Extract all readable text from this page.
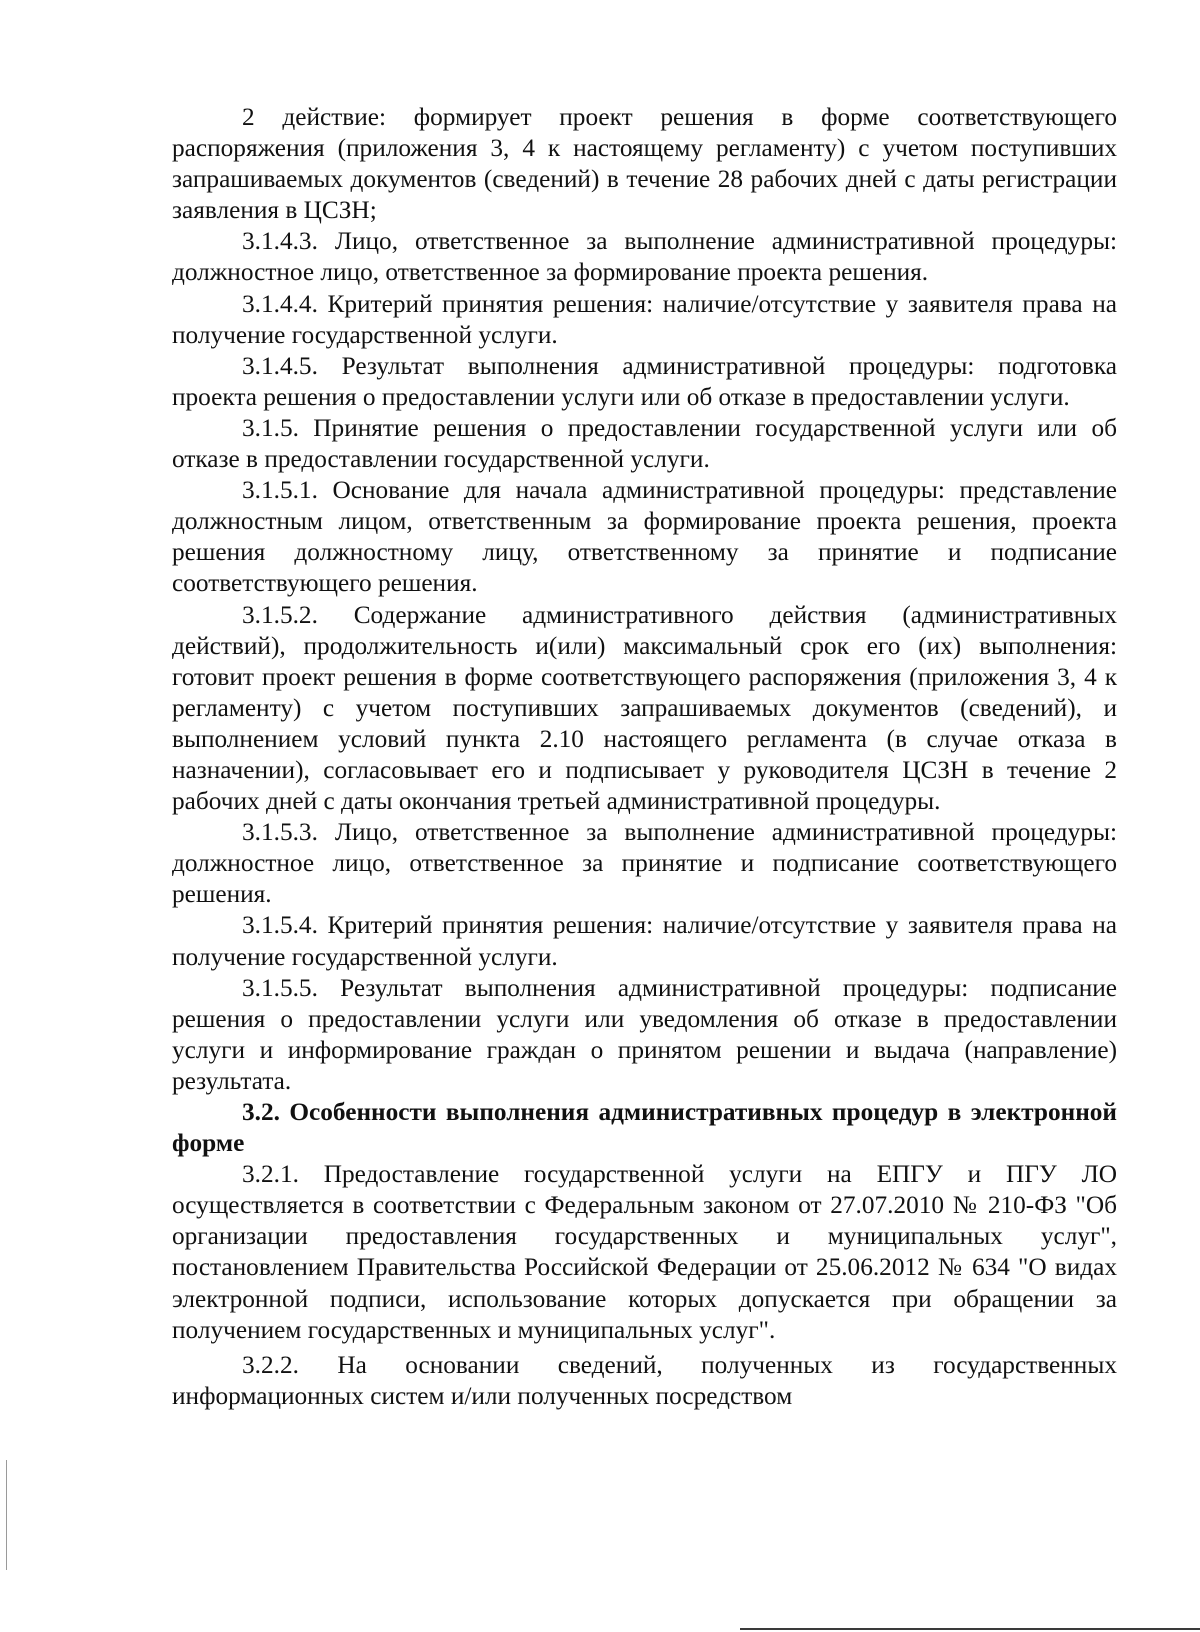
2 действие: формирует проект решения в форме соответствующего распоряжения (приложения 3, 4 к настоящему регламенту) с учетом поступивших запрашиваемых документов (сведений) в течение 28 рабочих дней с даты регистрации заявления в ЦСЗН;

3.1.4.3. Лицо, ответственное за выполнение административной процедуры: должностное лицо, ответственное за формирование проекта решения.

3.1.4.4. Критерий принятия решения: наличие/отсутствие у заявителя права на получение государственной услуги.

3.1.4.5. Результат выполнения административной процедуры: подготовка проекта решения о предоставлении услуги или об отказе в предоставлении услуги.

3.1.5. Принятие решения о предоставлении государственной услуги или об отказе в предоставлении государственной услуги.

3.1.5.1. Основание для начала административной процедуры: представление должностным лицом, ответственным за формирование проекта решения, проекта решения должностному лицу, ответственному за принятие и подписание соответствующего решения.

3.1.5.2. Содержание административного действия (административных действий), продолжительность и(или) максимальный срок его (их) выполнения: готовит проект решения в форме соответствующего распоряжения (приложения 3, 4 к регламенту) с учетом поступивших запрашиваемых документов (сведений), и выполнением условий пункта 2.10 настоящего регламента (в случае отказа в назначении), согласовывает его и подписывает у руководителя ЦСЗН в течение 2 рабочих дней с даты окончания третьей административной процедуры.

3.1.5.3. Лицо, ответственное за выполнение административной процедуры: должностное лицо, ответственное за принятие и подписание соответствующего решения.

3.1.5.4. Критерий принятия решения: наличие/отсутствие у заявителя права на получение государственной услуги.

3.1.5.5. Результат выполнения административной процедуры: подписание решения о предоставлении услуги или уведомления об отказе в предоставлении услуги и информирование граждан о принятом решении и выдача (направление) результата.

3.2. Особенности выполнения административных процедур в электронной форме

3.2.1. Предоставление государственной услуги на ЕПГУ и ПГУ ЛО осуществляется в соответствии с Федеральным законом от 27.07.2010 № 210-ФЗ "Об организации предоставления государственных и муниципальных услуг", постановлением Правительства Российской Федерации от 25.06.2012 № 634 "О видах электронной подписи, использование которых допускается при обращении за получением государственных и муниципальных услуг".

3.2.2. На основании сведений, полученных из государственных информационных систем и/или полученных посредством
